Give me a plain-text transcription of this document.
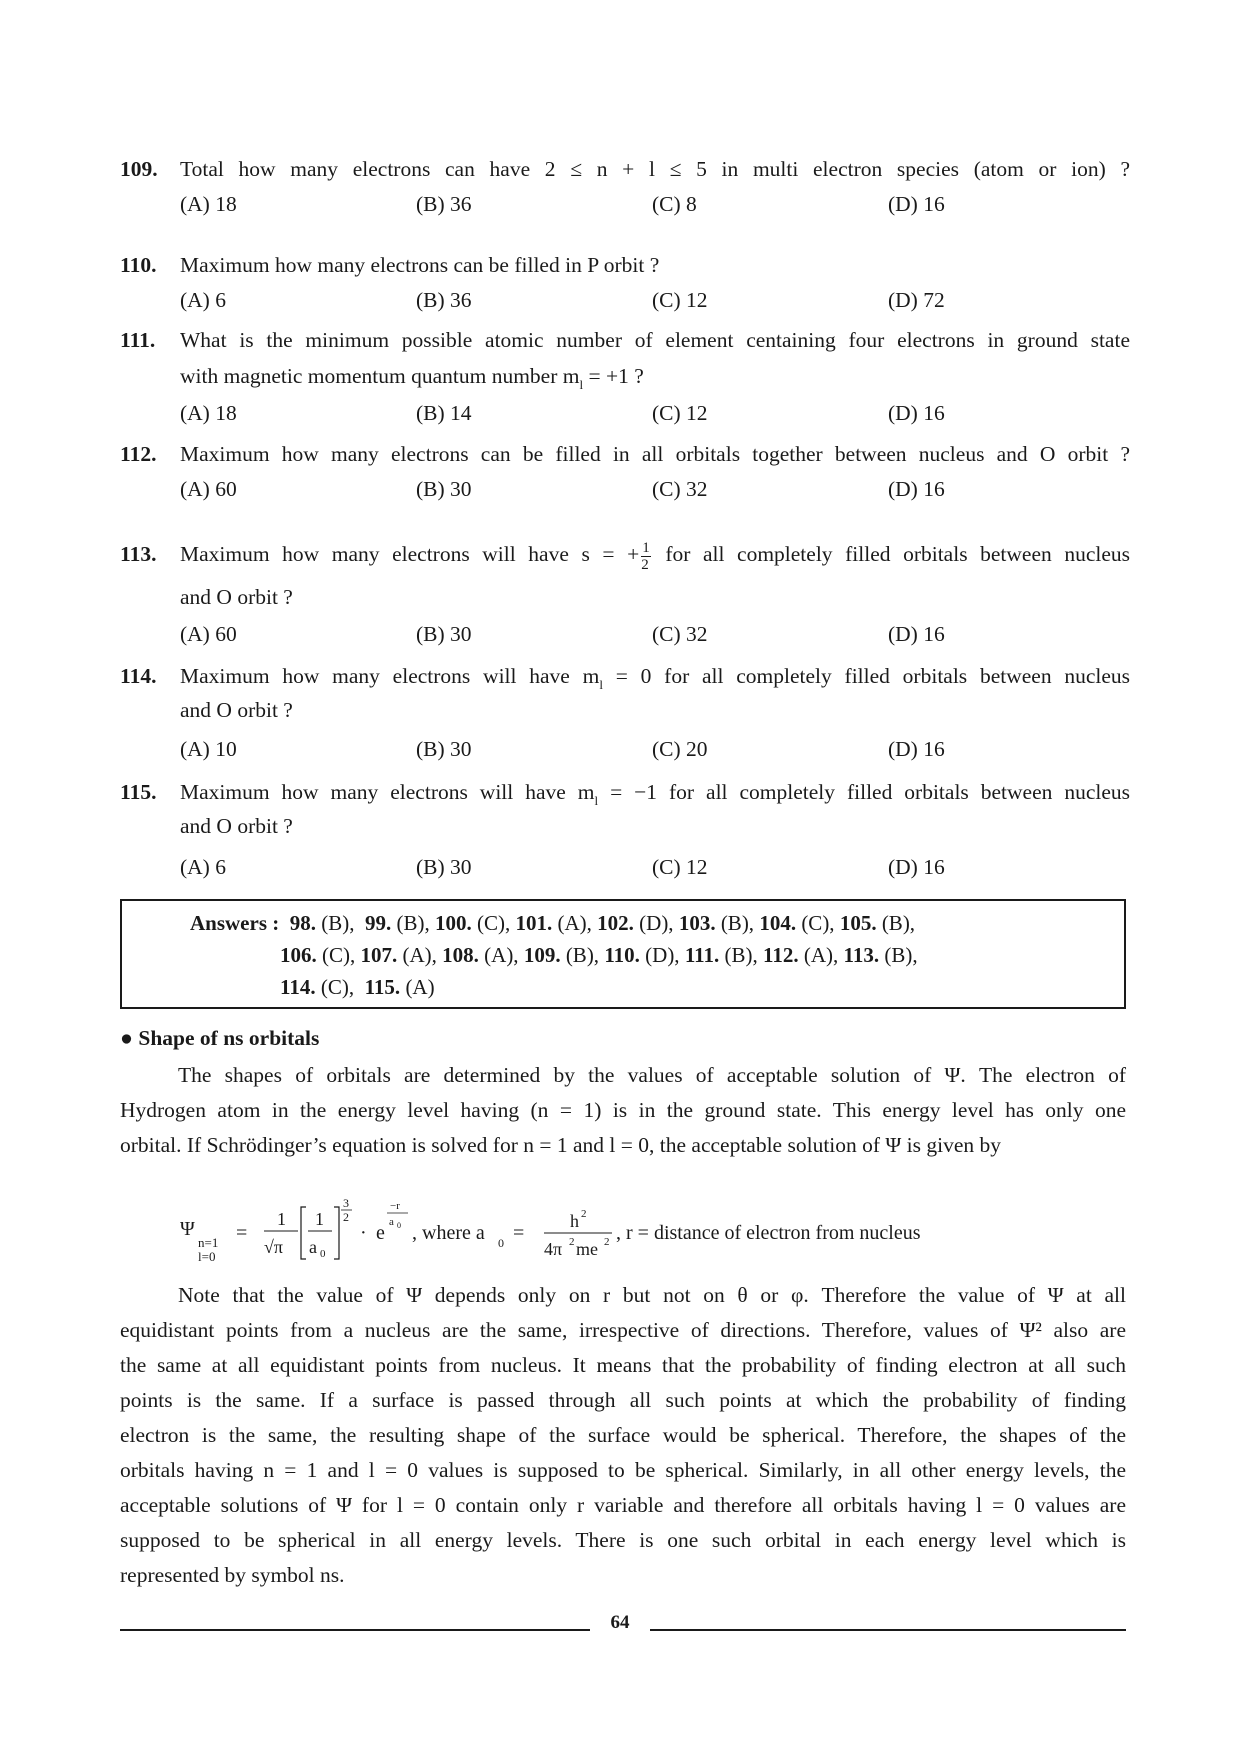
109. Total how many electrons can have 2 ≤ n + l ≤ 5 in multi electron species (atom or ion) ?
(A) 18	(B) 36	(C) 8	(D) 16
110. Maximum how many electrons can be filled in P orbit ?
(A) 6	(B) 36	(C) 12	(D) 72
111. What is the minimum possible atomic number of element centaining four electrons in ground state
with magnetic momentum quantum number $m_l = +1$ ?
(A) 18	(B) 14	(C) 12	(D) 16
112. Maximum how many electrons can be filled in all orbitals together between nucleus and O orbit ?
(A) 60	(B) 30	(C) 32	(D) 16
113. Maximum how many electrons will have s = + $\frac{1}{2}$ for all completely filled orbitals between nucleus
and O orbit ?
(A) 60	(B) 30	(C) 32	(D) 16
114. Maximum how many electrons will have $m_l = 0$ for all completely filled orbitals between nucleus
and O orbit ?
(A) 10	(B) 30	(C) 20	(D) 16
115. Maximum how many electrons will have $m_l = -1$ for all completely filled orbitals between nucleus
and O orbit ?
(A) 6	(B) 30	(C) 12	(D) 16
Answers : 98. (B), 99. (B), 100. (C), 101. (A), 102. (D), 103. (B), 104. (C), 105. (B),
106. (C), 107. (A), 108. (A), 109. (B), 110. (D), 111. (B), 112. (A), 113. (B),
114. (C), 115. (A)
● Shape of ns orbitals
The shapes of orbitals are determined by the values of acceptable solution of Ψ. The electron of
Hydrogen atom in the energy level having (n = 1) is in the ground state. This energy level has only one
orbital. If Schrödinger’s equation is solved for n = 1 and l = 0, the acceptable solution of Ψ is given by
Ψ
n=1
l=0
=
1
√π
1
a 0
3
2
· e
−r
a 0 , where a 0 =
h 2
4π 2 me 2 , r = distance of electron from nucleus
Note that the value of Ψ depends only on r but not on θ or φ. Therefore the value of Ψ at all
equidistant points from a nucleus are the same, irrespective of directions. Therefore, values of Ψ² also are
the same at all equidistant points from nucleus. It means that the probability of finding electron at all such
points is the same. If a surface is passed through all such points at which the probability of finding
electron is the same, the resulting shape of the surface would be spherical. Therefore, the shapes of the
orbitals having n = 1 and l = 0 values is supposed to be spherical. Similarly, in all other energy levels, the
acceptable solutions of Ψ for l = 0 contain only r variable and therefore all orbitals having l = 0 values are
supposed to be spherical in all energy levels. There is one such orbital in each energy level which is
represented by symbol ns.
64
